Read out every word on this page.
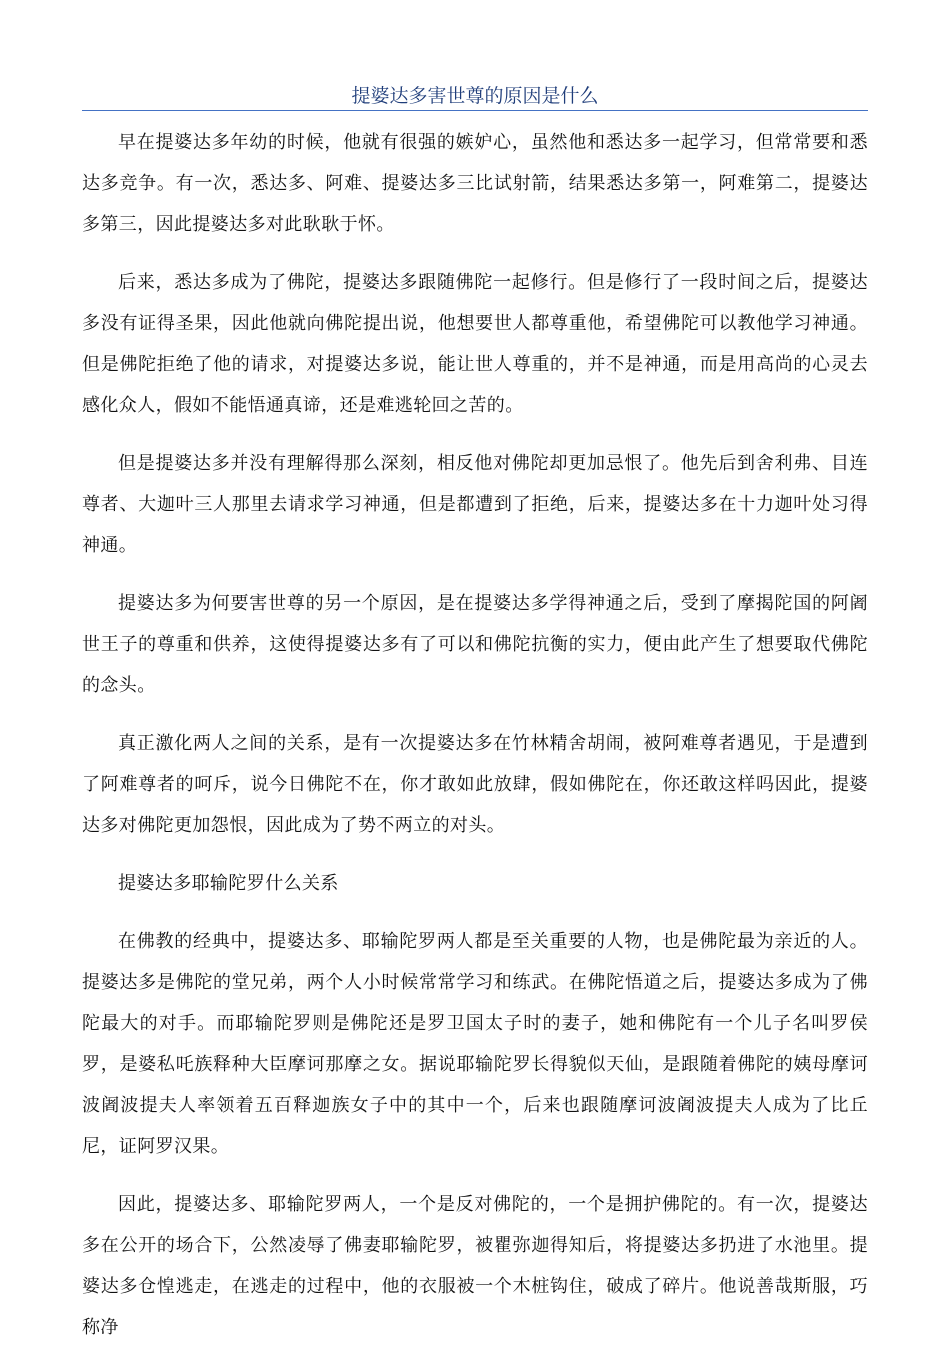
提婆达多害世尊的原因是什么

早在提婆达多年幼的时候，他就有很强的嫉妒心，虽然他和悉达多一起学习，但常常要和悉达多竞争。有一次，悉达多、阿难、提婆达多三比试射箭，结果悉达多第一，阿难第二，提婆达多第三，因此提婆达多对此耿耿于怀。

后来，悉达多成为了佛陀，提婆达多跟随佛陀一起修行。但是修行了一段时间之后，提婆达多没有证得圣果，因此他就向佛陀提出说，他想要世人都尊重他，希望佛陀可以教他学习神通。但是佛陀拒绝了他的请求，对提婆达多说，能让世人尊重的，并不是神通，而是用高尚的心灵去感化众人，假如不能悟通真谛，还是难逃轮回之苦的。

但是提婆达多并没有理解得那么深刻，相反他对佛陀却更加忌恨了。他先后到舍利弗、目连尊者、大迦叶三人那里去请求学习神通，但是都遭到了拒绝，后来，提婆达多在十力迦叶处习得神通。

提婆达多为何要害世尊的另一个原因，是在提婆达多学得神通之后，受到了摩揭陀国的阿阇世王子的尊重和供养，这使得提婆达多有了可以和佛陀抗衡的实力，便由此产生了想要取代佛陀的念头。

真正激化两人之间的关系，是有一次提婆达多在竹林精舍胡闹，被阿难尊者遇见，于是遭到了阿难尊者的呵斥，说今日佛陀不在，你才敢如此放肆，假如佛陀在，你还敢这样吗因此，提婆达多对佛陀更加怨恨，因此成为了势不两立的对头。

提婆达多耶输陀罗什么关系

在佛教的经典中，提婆达多、耶输陀罗两人都是至关重要的人物，也是佛陀最为亲近的人。提婆达多是佛陀的堂兄弟，两个人小时候常常学习和练武。在佛陀悟道之后，提婆达多成为了佛陀最大的对手。而耶输陀罗则是佛陀还是罗卫国太子时的妻子，她和佛陀有一个儿子名叫罗侯罗，是婆私吒族释种大臣摩诃那摩之女。据说耶输陀罗长得貌似天仙，是跟随着佛陀的姨母摩诃波阇波提夫人率领着五百释迦族女子中的其中一个，后来也跟随摩诃波阇波提夫人成为了比丘尼，证阿罗汉果。

因此，提婆达多、耶输陀罗两人，一个是反对佛陀的，一个是拥护佛陀的。有一次，提婆达多在公开的场合下，公然凌辱了佛妻耶输陀罗，被瞿弥迦得知后，将提婆达多扔进了水池里。提婆达多仓惶逃走，在逃走的过程中，他的衣服被一个木桩钩住，破成了碎片。他说善哉斯服，巧称净
